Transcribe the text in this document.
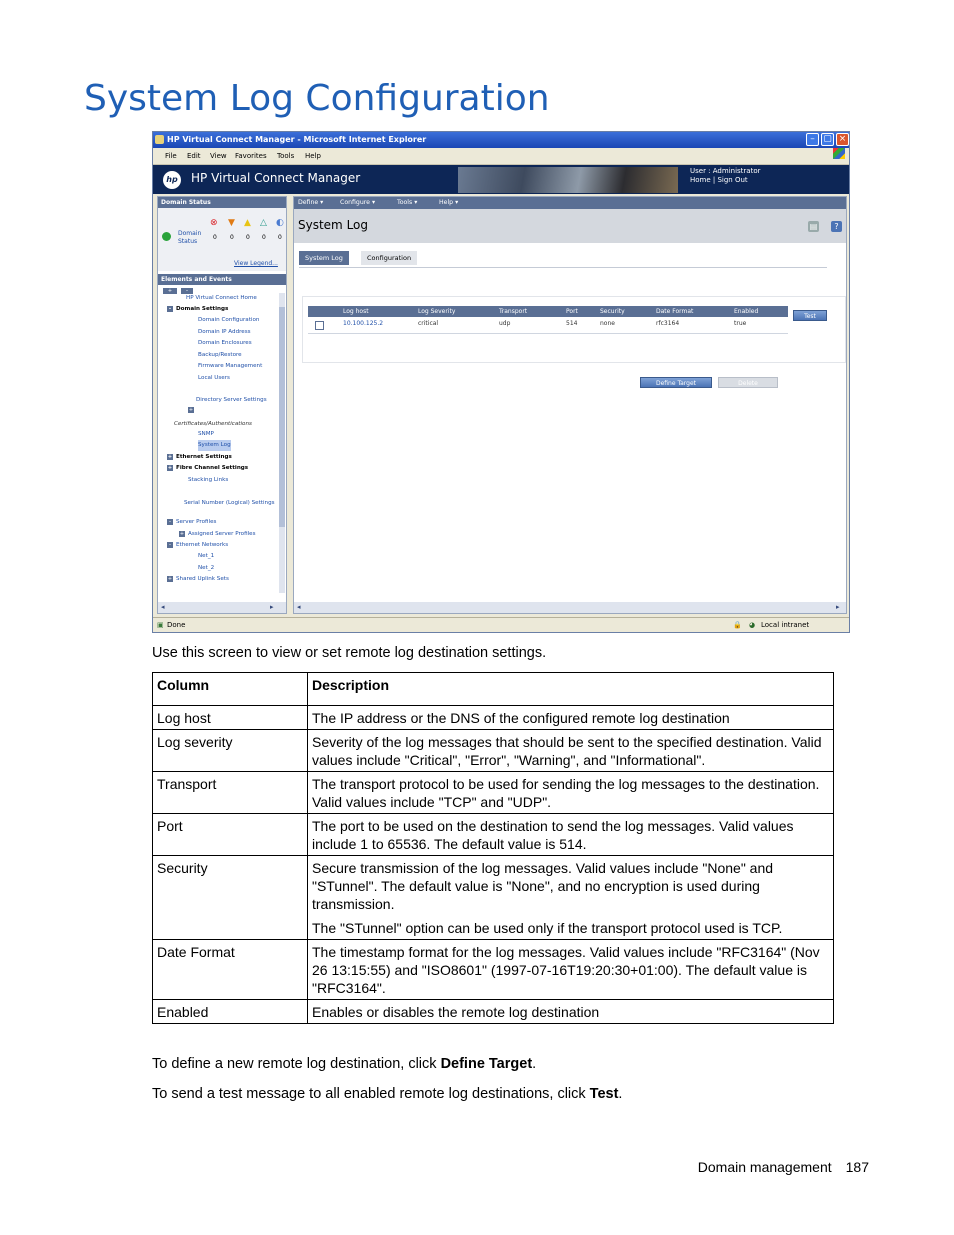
System Log Configuration
HP Virtual Connect Manager - Microsoft Internet Explorer	– ▢ ×
File Edit View Favorites Tools Help
hp HP Virtual Connect Manager	User : Administrator
Home | Sign Out
Domain Status
⊗ ▼ ▲ △ ◐
Domain Status
0 0 0 0 0
View Legend...
Elements and Events
+	–
HP Virtual Connect Home
– Domain Settings
Domain Configuration
Domain IP Address
Domain Enclosures
Backup/Restore
Firmware Management
Local Users
Directory Server Settings
Certificates/Authentications
SNMP
System Log
+ Ethernet Settings
+ Fibre Channel Settings
Stacking Links
Serial Number (Logical) Settings
– Server Profiles
+ Assigned Server Profiles
– Ethernet Networks
Net_1
Net_2
+ Shared Uplink Sets
+
◂	▸
Define ▾	Configure ▾	Tools ▾	Help ▾
System Log	▤	?
System Log	Configuration
Log host	Log Severity	Transport	Port	Security	Date Format	Enabled
10.100.125.2	critical	udp	514	none	rfc3164	true
Test
Define Target	Delete
◂	▸
▣ Done	🔒 ◕ Local intranet
Use this screen to view or set remote log destination settings.
Column	Description
Log host	The IP address or the DNS of the configured remote log destination
Log severity	Severity of the log messages that should be sent to the specified destination. Valid values include "Critical", "Error", "Warning", and "Informational".
Transport	The transport protocol to be used for sending the log messages to the destination. Valid values include "TCP" and "UDP".
Port	The port to be used on the destination to send the log messages. Valid values include 1 to 65536. The default value is 514.
Security	Secure transmission of the log messages. Valid values include "None" and "STunnel". The default value is "None", and no encryption is used during transmission.
The "STunnel" option can be used only if the transport protocol used is TCP.

Date Format	The timestamp format for the log messages. Valid values include "RFC3164" (Nov 26 13:15:55) and "ISO8601" (1997-07-16T19:20:30+01:00). The default value is "RFC3164".
Enabled	Enables or disables the remote log destination
To define a new remote log destination, click Define Target.
To send a test message to all enabled remote log destinations, click Test.
Domain management 187
